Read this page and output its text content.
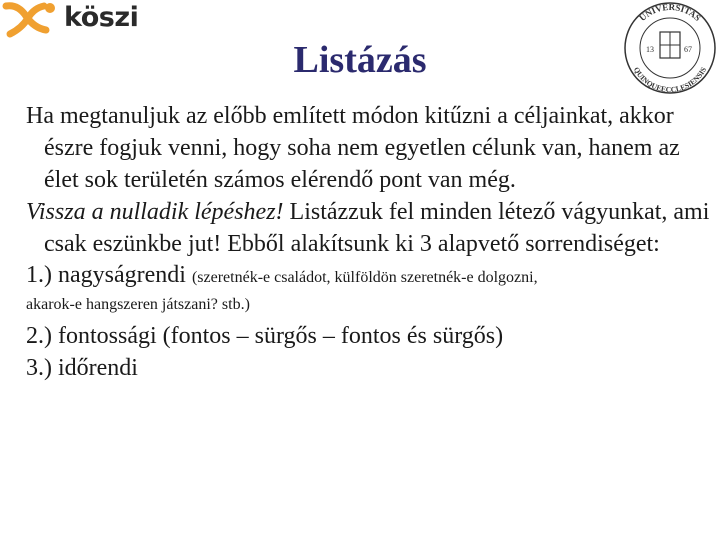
köszi	UNIVERSITAS
QUINQUEECCLESIENSIS
13	67
Listázás

Ha megtanuljuk az előbb említett módon kitűzni a céljainkat, akkor észre fogjuk venni, hogy soha nem egyetlen célunk van, hanem az élet sok területén számos elérendő pont van még.

Vissza a nulladik lépéshez! Listázzuk fel minden létező vágyunkat, ami csak eszünkbe jut! Ebből alakítsunk ki 3 alapvető sorrendiséget:

1.) nagyságrendi (szeretnék-e családot, külföldön szeretnék-e dolgozni,
akarok-e hangszeren játszani? stb.)

2.) fontossági (fontos – sürgős – fontos és sürgős)

3.) időrendi
